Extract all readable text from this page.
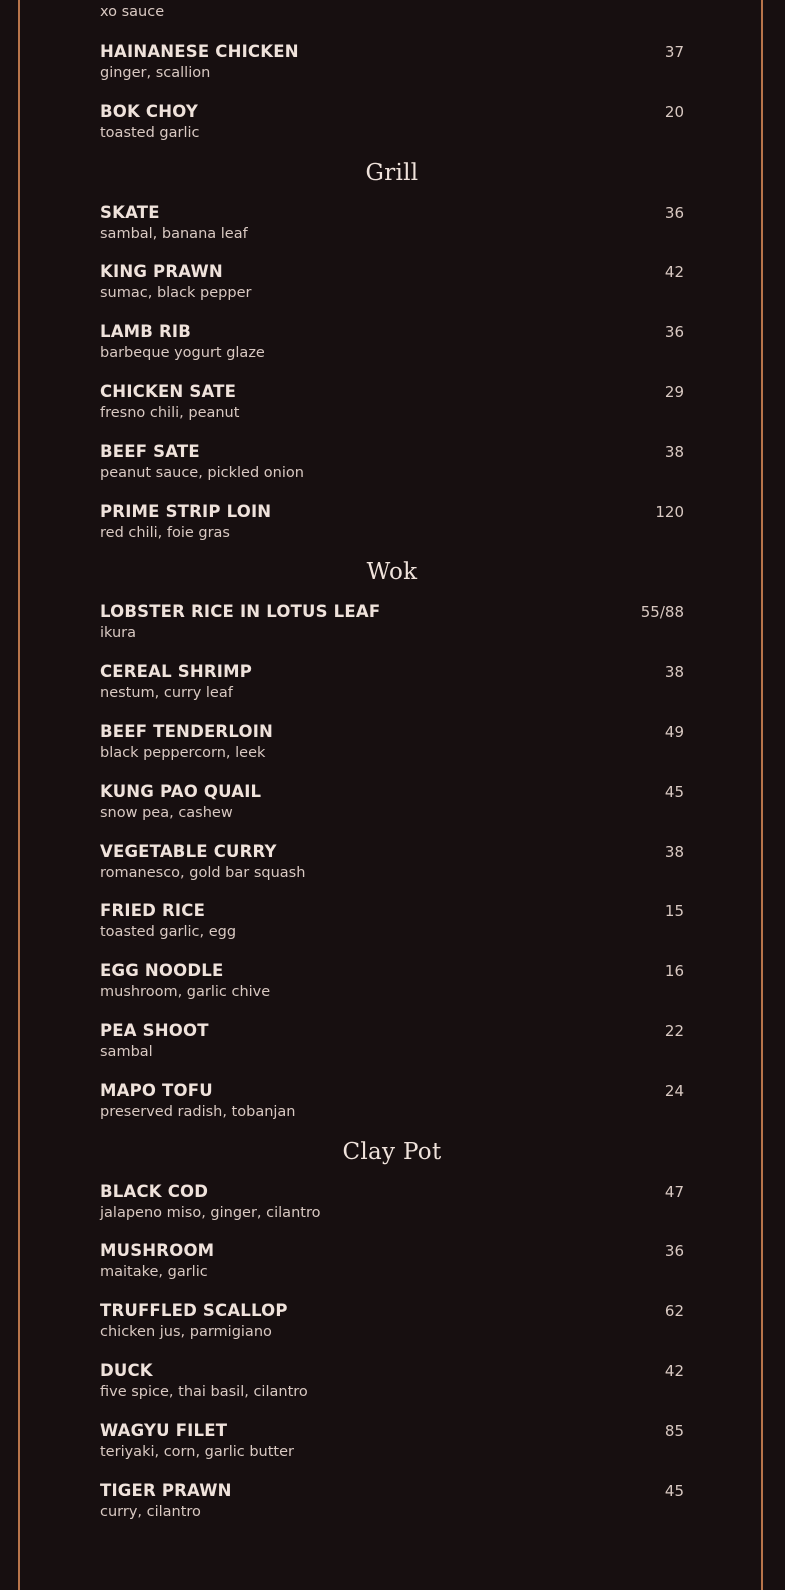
xo sauce
HAINANESE CHICKEN	37
ginger, scallion
BOK CHOY	20
toasted garlic
Grill
SKATE	36
sambal, banana leaf
KING PRAWN	42
sumac, black pepper
LAMB RIB	36
barbeque yogurt glaze
CHICKEN SATE	29
fresno chili, peanut
BEEF SATE	38
peanut sauce, pickled onion
PRIME STRIP LOIN	120
red chili, foie gras
Wok
LOBSTER RICE IN LOTUS LEAF	55/88
ikura
CEREAL SHRIMP	38
nestum, curry leaf
BEEF TENDERLOIN	49
black peppercorn, leek
KUNG PAO QUAIL	45
snow pea, cashew
VEGETABLE CURRY	38
romanesco, gold bar squash
FRIED RICE	15
toasted garlic, egg
EGG NOODLE	16
mushroom, garlic chive
PEA SHOOT	22
sambal
MAPO TOFU	24
preserved radish, tobanjan
Clay Pot
BLACK COD	47
jalapeno miso, ginger, cilantro
MUSHROOM	36
maitake, garlic
TRUFFLED SCALLOP	62
chicken jus, parmigiano
DUCK	42
five spice, thai basil, cilantro
WAGYU FILET	85
teriyaki, corn, garlic butter
TIGER PRAWN	45
curry, cilantro
